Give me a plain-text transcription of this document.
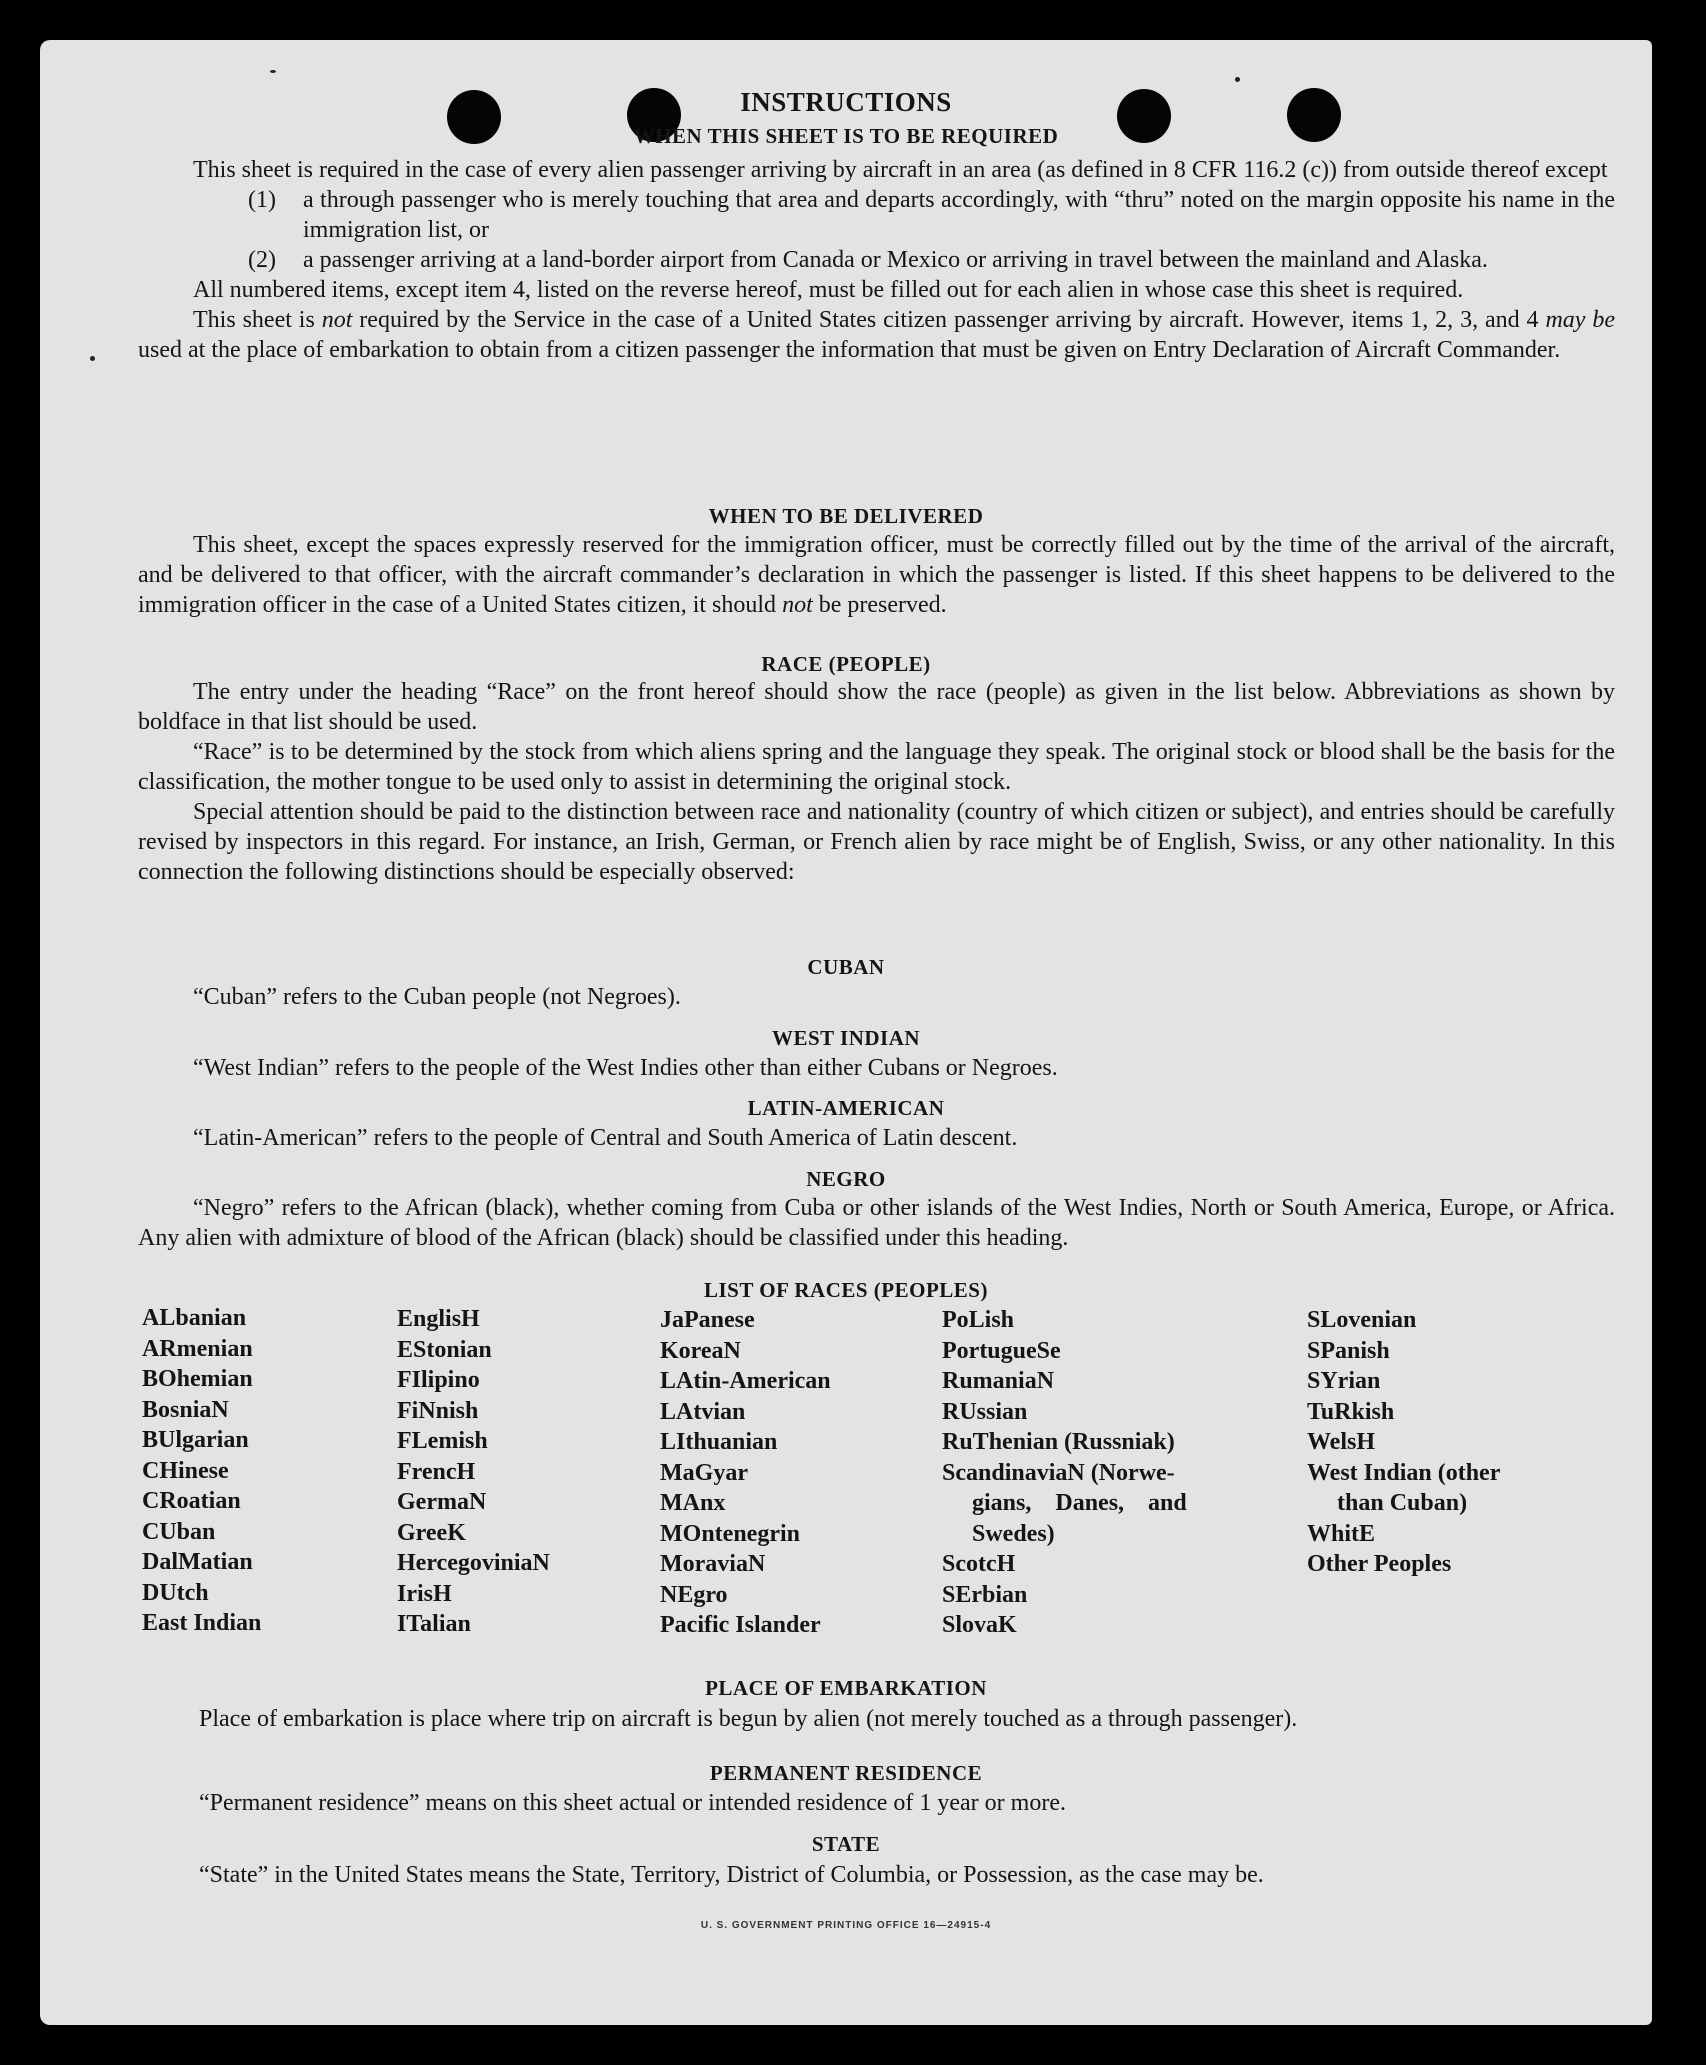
INSTRUCTIONS
WHEN THIS SHEET IS TO BE REQUIRED
This sheet is required in the case of every alien passenger arriving by aircraft in an area (as defined in 8 CFR 116.2 (c)) from outside thereof except
(1)	a through passenger who is merely touching that area and departs accordingly, with “thru” noted on the margin opposite his name in the immigration list, or
(2)	a passenger arriving at a land-border airport from Canada or Mexico or arriving in travel between the mainland and Alaska.
All numbered items, except item 4, listed on the reverse hereof, must be filled out for each alien in whose case this sheet is required.
This sheet is not required by the Service in the case of a United States citizen passenger arriving by aircraft. However, items 1, 2, 3, and 4 may be used at the place of embarkation to obtain from a citizen passenger the information that must be given on Entry Declaration of Aircraft Commander.
WHEN TO BE DELIVERED
This sheet, except the spaces expressly reserved for the immigration officer, must be correctly filled out by the time of the arrival of the aircraft, and be delivered to that officer, with the aircraft commander’s declaration in which the passenger is listed. If this sheet happens to be delivered to the immigration officer in the case of a United States citizen, it should not be preserved.
RACE (PEOPLE)
The entry under the heading “Race” on the front hereof should show the race (people) as given in the list below. Abbreviations as shown by boldface in that list should be used.
“Race” is to be determined by the stock from which aliens spring and the language they speak. The original stock or blood shall be the basis for the classification, the mother tongue to be used only to assist in determining the original stock.
Special attention should be paid to the distinction between race and nationality (country of which citizen or subject), and entries should be carefully revised by inspectors in this regard. For instance, an Irish, German, or French alien by race might be of English, Swiss, or any other nationality. In this connection the following distinctions should be especially observed:
CUBAN
“Cuban” refers to the Cuban people (not Negroes).
WEST INDIAN
“West Indian” refers to the people of the West Indies other than either Cubans or Negroes.
LATIN-AMERICAN
“Latin-American” refers to the people of Central and South America of Latin descent.
NEGRO
“Negro” refers to the African (black), whether coming from Cuba or other islands of the West Indies, North or South America, Europe, or Africa. Any alien with admixture of blood of the African (black) should be classified under this heading.
LIST OF RACES (PEOPLES)
ALbanian
ARmenian
BOhemian
BosniaN
BUlgarian
CHinese
CRoatian
CUban
DalMatian
DUtch
East Indian
EnglisH
EStonian
FIlipino
FiNnish
FLemish
FrencH
GermaN
GreeK
HercegoviniaN
IrisH
ITalian
JaPanese
KoreaN
LAtin-American
LAtvian
LIthuanian
MaGyar
MAnx
MOntenegrin
MoraviaN
NEgro
Pacific Islander
PoLish
PortugueSe
RumaniaN
RUssian
RuThenian (Russniak)
ScandinaviaN (Norwe-
gians, Danes, and
Swedes)
ScotcH
SErbian
SlovaK
SLovenian
SPanish
SYrian
TuRkish
WelsH
West Indian (other
than Cuban)
WhitE
Other Peoples
PLACE OF EMBARKATION
Place of embarkation is place where trip on aircraft is begun by alien (not merely touched as a through passenger).
PERMANENT RESIDENCE
“Permanent residence” means on this sheet actual or intended residence of 1 year or more.
STATE
“State” in the United States means the State, Territory, District of Columbia, or Possession, as the case may be.
U. S. GOVERNMENT PRINTING OFFICE 16—24915-4
